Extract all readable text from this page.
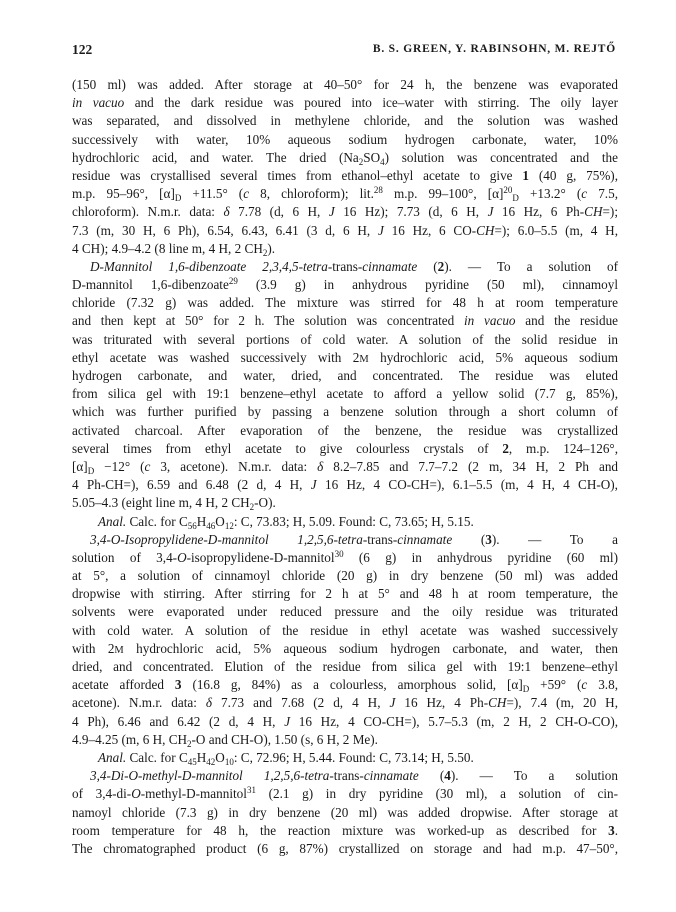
122	B. S. GREEN, Y. RABINSOHN, M. REJTŐ
(150 ml) was added. After storage at 40–50° for 24 h, the benzene was evaporated
in vacuo and the dark residue was poured into ice–water with stirring. The oily layer
was separated, and dissolved in methylene chloride, and the solution was washed
successively with water, 10% aqueous sodium hydrogen carbonate, water, 10%
hydrochloric acid, and water. The dried $(Na_2SO_4)$ solution was concentrated and the
residue was crystallised several times from ethanol–ethyl acetate to give 1 (40 g, 75%),
m.p. 95–96°, $[\alpha]_D +11.5^\circ$ (c 8, chloroform); lit.$^{28}$ m.p. 99–100°, $[\alpha]^{20}_D +13.2^\circ$ (c 7.5,
chloroform). N.m.r. data: δ 7.78 (d, 6 H, J 16 Hz); 7.73 (d, 6 H, J 16 Hz, 6 Ph-CH=);
7.3 (m, 30 H, 6 Ph), 6.54, 6.43, 6.41 (3 d, 6 H, J 16 Hz, 6 CO-CH=); 6.0–5.5 (m, 4 H,
4 CH); 4.9–4.2 (8 line m, 4 H, 2 $CH_2$).
D-Mannitol 1,6-dibenzoate 2,3,4,5-tetra-trans-cinnamate (2). — To a solution of
D-mannitol 1,6-dibenzoate$^{29}$ (3.9 g) in anhydrous pyridine (50 ml), cinnamoyl
chloride (7.32 g) was added. The mixture was stirred for 48 h at room temperature
and then kept at 50° for 2 h. The solution was concentrated in vacuo and the residue
was triturated with several portions of cold water. A solution of the solid residue in
ethyl acetate was washed successively with 2M hydrochloric acid, 5% aqueous sodium
hydrogen carbonate, and water, dried, and concentrated. The residue was eluted
from silica gel with 19:1 benzene–ethyl acetate to afford a yellow solid (7.7 g, 85%),
which was further purified by passing a benzene solution through a short column of
activated charcoal. After evaporation of the benzene, the residue was crystallized
several times from ethyl acetate to give colourless crystals of 2, m.p. 124–126°,
$[\alpha]_D -12^\circ$ (c 3, acetone). N.m.r. data: δ 8.2–7.85 and 7.7–7.2 (2 m, 34 H, 2 Ph and
4 Ph-CH=), 6.59 and 6.48 (2 d, 4 H, J 16 Hz, 4 CO-CH=), 6.1–5.5 (m, 4 H, 4 CH-O),
5.05–4.3 (eight line m, 4 H, 2 $CH_2-O$).
Anal. Calc. for $C_{56}H_{46}O_{12}$: C, 73.83; H, 5.09. Found: C, 73.65; H, 5.15.
3,4-O-Isopropylidene-D-mannitol 1,2,5,6-tetra-trans-cinnamate (3). — To a
solution of 3,4-O-isopropylidene-D-mannitol$^{30}$ (6 g) in anhydrous pyridine (60 ml)
at 5°, a solution of cinnamoyl chloride (20 g) in dry benzene (50 ml) was added
dropwise with stirring. After stirring for 2 h at 5° and 48 h at room temperature, the
solvents were evaporated under reduced pressure and the oily residue was triturated
with cold water. A solution of the residue in ethyl acetate was washed successively
with 2M hydrochloric acid, 5% aqueous sodium hydrogen carbonate, and water, then
dried, and concentrated. Elution of the residue from silica gel with 19:1 benzene–ethyl
acetate afforded 3 (16.8 g, 84%) as a colourless, amorphous solid, $[\alpha]_D +59^\circ$ (c 3.8,
acetone). N.m.r. data: δ 7.73 and 7.68 (2 d, 4 H, J 16 Hz, 4 Ph-CH=), 7.4 (m, 20 H,
4 Ph), 6.46 and 6.42 (2 d, 4 H, J 16 Hz, 4 CO-CH=), 5.7–5.3 (m, 2 H, 2 CH-O-CO),
4.9–4.25 (m, 6 H, $CH_2-O$ and CH-O), 1.50 (s, 6 H, 2 Me).
Anal. Calc. for $C_{45}H_{42}O_{10}$: C, 72.96; H, 5.44. Found: C, 73.14; H, 5.50.
3,4-Di-O-methyl-D-mannitol 1,2,5,6-tetra-trans-cinnamate (4). — To a solution
of 3,4-di-O-methyl-D-mannitol$^{31}$ (2.1 g) in dry pyridine (30 ml), a solution of cin-
namoyl chloride (7.3 g) in dry benzene (20 ml) was added dropwise. After storage at
room temperature for 48 h, the reaction mixture was worked-up as described for 3.
The chromatographed product (6 g, 87%) crystallized on storage and had m.p. 47–50°,
